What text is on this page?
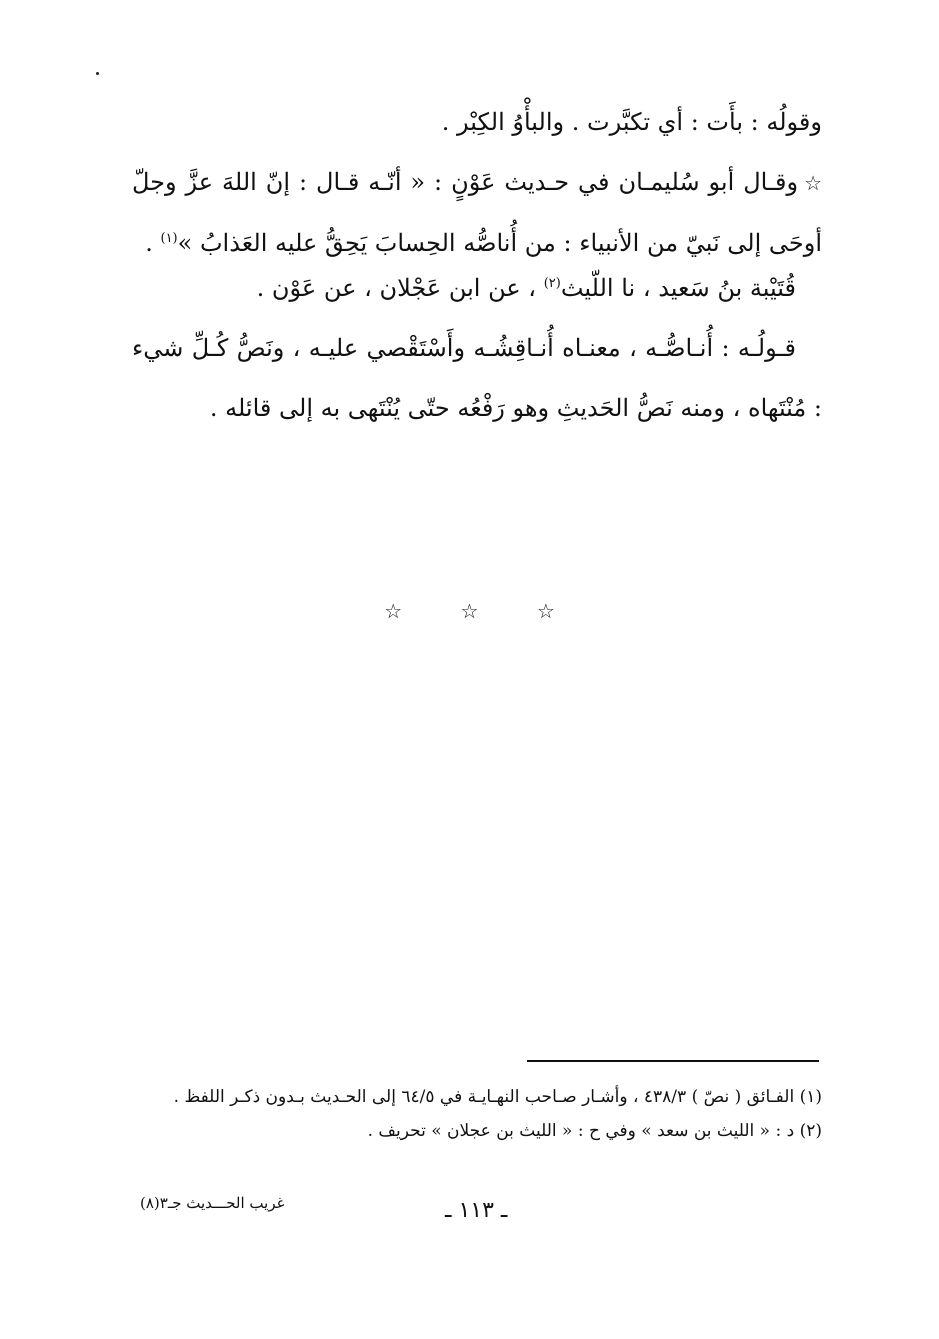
وقولُه : بأَت : أي تكبَّرت . والبأْوُ الكِبْر .

☆وقـال أبو سُليمـان في حـديث عَوْنٍ : « أنّـه قـال : إنّ اللهَ عزَّ وجلّ أوحَى إلى نَبيّ من الأنبياء : من أُناصُّه الحِسابَ يَحِقُّ عليه العَذابُ »$^{(١)}$ .

قُتَيْبة بنُ سَعيد ، نا اللّيث$^{(٢)}$ ، عن ابن عَجْلان ، عن عَوْن .

قـولُـه : أُنـاصُّـه ، معنـاه أُنـاقِشُـه وأَسْتَقْصي عليـه ، ونَصُّ كُـلِّ شيء : مُنْتَهاه ، ومنه نَصُّ الحَديثِ وهو رَفْعُه حتّى يُنْتَهى به إلى قائله .

☆	☆	☆

(١) الفـائق ( نصّ ) ٤٣٨/٣ ، وأشـار صـاحب النهـايـة في ٦٤/٥ إلى الحـديث بـدون ذكـر اللفظ .

(٢) د : « الليث بن سعد » وفي ح : « الليث بن عجلان » تحريف .

ـ ١١٣ ـ
غريب الحـــديث جـ٣(٨)
